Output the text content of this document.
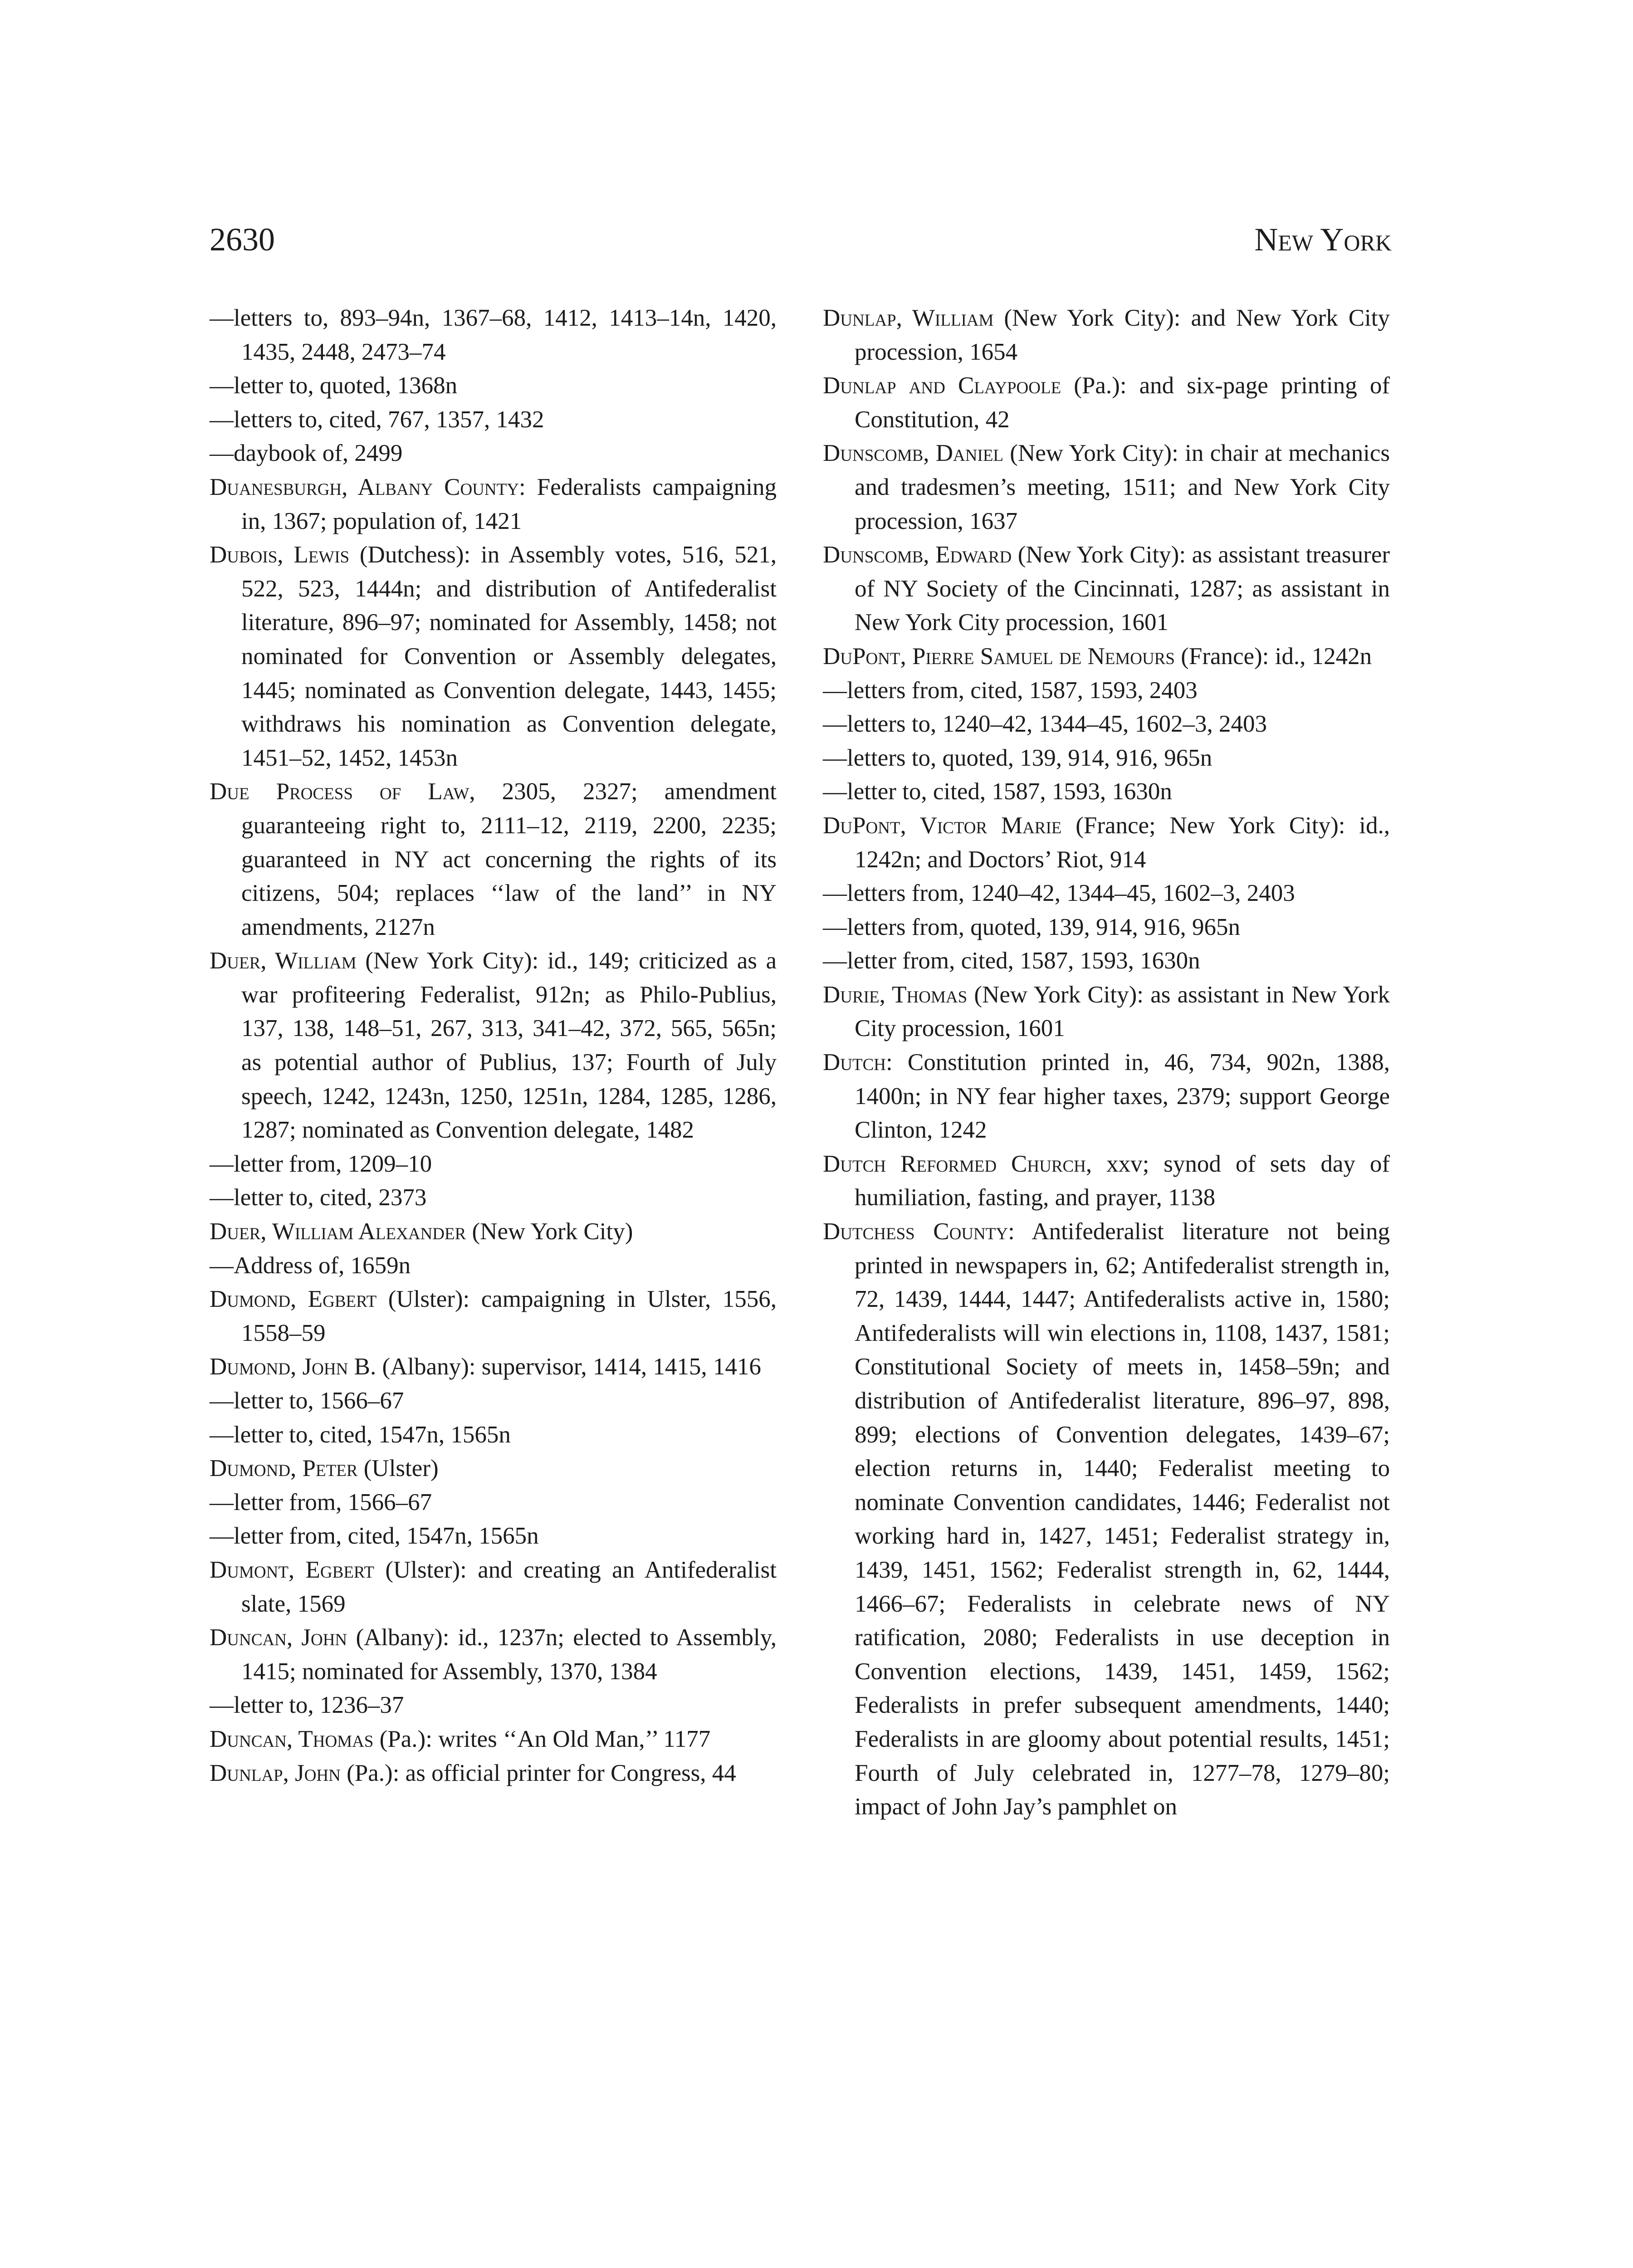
2630	New York

—letters to, 893–94n, 1367–68, 1412, 1413–14n, 1420, 1435, 2448, 2473–74

—letter to, quoted, 1368n

—letters to, cited, 767, 1357, 1432

—daybook of, 2499

Duanesburgh, Albany County: Federalists campaigning in, 1367; population of, 1421

Dubois, Lewis (Dutchess): in Assembly votes, 516, 521, 522, 523, 1444n; and distribution of Antifederalist literature, 896–97; nominated for Assembly, 1458; not nominated for Convention or Assembly delegates, 1445; nominated as Convention delegate, 1443, 1455; withdraws his nomination as Convention delegate, 1451–52, 1452, 1453n

Due Process of Law, 2305, 2327; amendment guaranteeing right to, 2111–12, 2119, 2200, 2235; guaranteed in NY act concerning the rights of its citizens, 504; replaces ‘‘law of the land’’ in NY amendments, 2127n

Duer, William (New York City): id., 149; criticized as a war profiteering Federalist, 912n; as Philo-Publius, 137, 138, 148–51, 267, 313, 341–42, 372, 565, 565n; as potential author of Publius, 137; Fourth of July speech, 1242, 1243n, 1250, 1251n, 1284, 1285, 1286, 1287; nominated as Convention delegate, 1482

—letter from, 1209–10

—letter to, cited, 2373

Duer, William Alexander (New York City)

—Address of, 1659n

Dumond, Egbert (Ulster): campaigning in Ulster, 1556, 1558–59

Dumond, John B. (Albany): supervisor, 1414, 1415, 1416

—letter to, 1566–67

—letter to, cited, 1547n, 1565n

Dumond, Peter (Ulster)

—letter from, 1566–67

—letter from, cited, 1547n, 1565n

Dumont, Egbert (Ulster): and creating an Antifederalist slate, 1569

Duncan, John (Albany): id., 1237n; elected to Assembly, 1415; nominated for Assembly, 1370, 1384

—letter to, 1236–37

Duncan, Thomas (Pa.): writes ‘‘An Old Man,’’ 1177

Dunlap, John (Pa.): as official printer for Congress, 44

Dunlap, William (New York City): and New York City procession, 1654

Dunlap and Claypoole (Pa.): and six-page printing of Constitution, 42

Dunscomb, Daniel (New York City): in chair at mechanics and tradesmen’s meeting, 1511; and New York City procession, 1637

Dunscomb, Edward (New York City): as assistant treasurer of NY Society of the Cincinnati, 1287; as assistant in New York City procession, 1601

DuPont, Pierre Samuel de Nemours (France): id., 1242n

—letters from, cited, 1587, 1593, 2403

—letters to, 1240–42, 1344–45, 1602–3, 2403

—letters to, quoted, 139, 914, 916, 965n

—letter to, cited, 1587, 1593, 1630n

DuPont, Victor Marie (France; New York City): id., 1242n; and Doctors’ Riot, 914

—letters from, 1240–42, 1344–45, 1602–3, 2403

—letters from, quoted, 139, 914, 916, 965n

—letter from, cited, 1587, 1593, 1630n

Durie, Thomas (New York City): as assistant in New York City procession, 1601

Dutch: Constitution printed in, 46, 734, 902n, 1388, 1400n; in NY fear higher taxes, 2379; support George Clinton, 1242

Dutch Reformed Church, xxv; synod of sets day of humiliation, fasting, and prayer, 1138

Dutchess County: Antifederalist literature not being printed in newspapers in, 62; Antifederalist strength in, 72, 1439, 1444, 1447; Antifederalists active in, 1580; Antifederalists will win elections in, 1108, 1437, 1581; Constitutional Society of meets in, 1458–59n; and distribution of Antifederalist literature, 896–97, 898, 899; elections of Convention delegates, 1439–67; election returns in, 1440; Federalist meeting to nominate Convention candidates, 1446; Federalist not working hard in, 1427, 1451; Federalist strategy in, 1439, 1451, 1562; Federalist strength in, 62, 1444, 1466–67; Federalists in celebrate news of NY ratification, 2080; Federalists in use deception in Convention elections, 1439, 1451, 1459, 1562; Federalists in prefer subsequent amendments, 1440; Federalists in are gloomy about potential results, 1451; Fourth of July celebrated in, 1277–78, 1279–80; impact of John Jay’s pamphlet on
